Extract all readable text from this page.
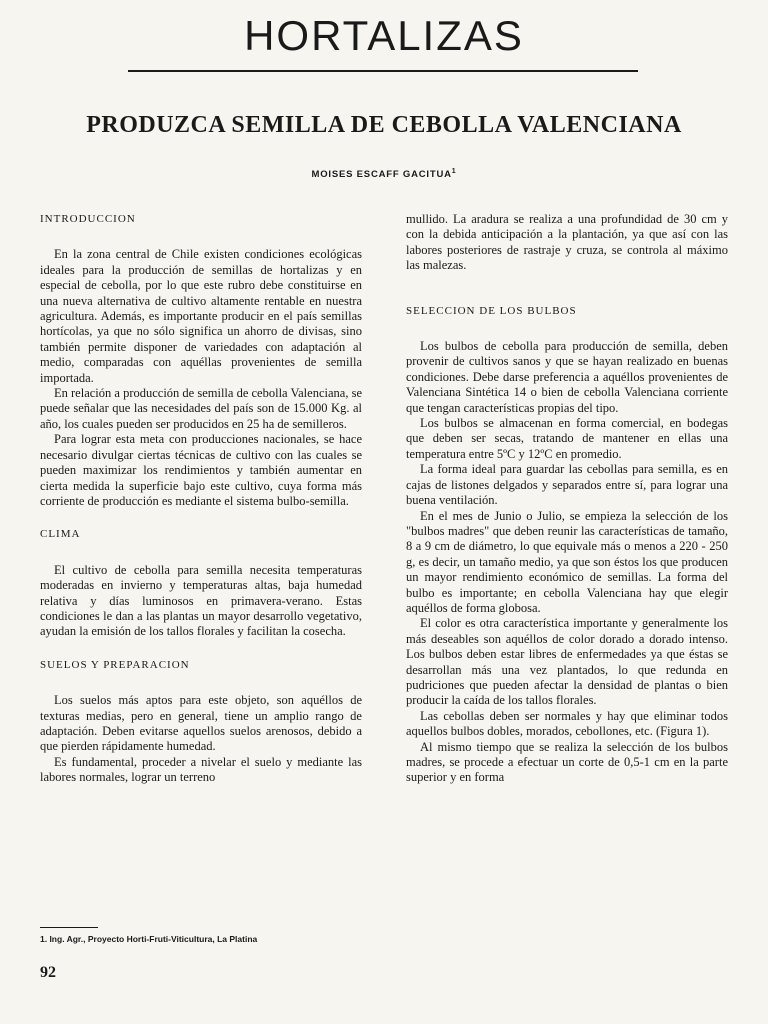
HORTALIZAS
PRODUZCA SEMILLA DE CEBOLLA VALENCIANA
MOISES ESCAFF GACITUA$^1$
INTRODUCCION

En la zona central de Chile existen condiciones ecológicas ideales para la producción de semillas de hortalizas y en especial de cebolla, por lo que este rubro debe constituirse en una nueva alternativa de cultivo altamente rentable en nuestra agricultura. Además, es importante producir en el país semillas hortícolas, ya que no sólo significa un ahorro de divisas, sino también permite disponer de variedades con adaptación al medio, comparadas con aquéllas provenientes de semilla importada.

En relación a producción de semilla de cebolla Valenciana, se puede señalar que las necesidades del país son de 15.000 Kg. al año, los cuales pueden ser producidos en 25 ha de semilleros.

Para lograr esta meta con producciones nacionales, se hace necesario divulgar ciertas técnicas de cultivo con las cuales se pueden maximizar los rendimientos y también aumentar en cierta medida la superficie bajo este cultivo, cuya forma más corriente de producción es mediante el sistema bulbo-semilla.

CLIMA

El cultivo de cebolla para semilla necesita temperaturas moderadas en invierno y temperaturas altas, baja humedad relativa y días luminosos en primavera-verano. Estas condiciones le dan a las plantas un mayor desarrollo vegetativo, ayudan la emisión de los tallos florales y facilitan la cosecha.

SUELOS Y PREPARACION

Los suelos más aptos para este objeto, son aquéllos de texturas medias, pero en general, tiene un amplio rango de adaptación. Deben evitarse aquellos suelos arenosos, debido a que pierden rápidamente humedad.

Es fundamental, proceder a nivelar el suelo y mediante las labores normales, lograr un terreno

mullido. La aradura se realiza a una profundidad de 30 cm y con la debida anticipación a la plantación, ya que así con las labores posteriores de rastraje y cruza, se controla al máximo las malezas.

SELECCION DE LOS BULBOS

Los bulbos de cebolla para producción de semilla, deben provenir de cultivos sanos y que se hayan realizado en buenas condiciones. Debe darse preferencia a aquéllos provenientes de Valenciana Sintética 14 o bien de cebolla Valenciana corriente que tengan características propias del tipo.

Los bulbos se almacenan en forma comercial, en bodegas que deben ser secas, tratando de mantener en ellas una temperatura entre 5ºC y 12ºC en promedio.

La forma ideal para guardar las cebollas para semilla, es en cajas de listones delgados y separados entre sí, para lograr una buena ventilación.

En el mes de Junio o Julio, se empieza la selección de los "bulbos madres" que deben reunir las características de tamaño, 8 a 9 cm de diámetro, lo que equivale más o menos a 220 - 250 g, es decir, un tamaño medio, ya que son éstos los que producen un mayor rendimiento económico de semillas. La forma del bulbo es importante; en cebolla Valenciana hay que elegir aquéllos de forma globosa.

El color es otra característica importante y generalmente los más deseables son aquéllos de color dorado a dorado intenso. Los bulbos deben estar libres de enfermedades ya que éstas se desarrollan más una vez plantados, lo que redunda en pudriciones que pueden afectar la densidad de plantas o bien producir la caída de los tallos florales.

Las cebollas deben ser normales y hay que eliminar todos aquellos bulbos dobles, morados, cebollones, etc. (Figura 1).

Al mismo tiempo que se realiza la selección de los bulbos madres, se procede a efectuar un corte de 0,5-1 cm en la parte superior y en forma

1. Ing. Agr., Proyecto Horti-Fruti-Viticultura, La Platina
92
